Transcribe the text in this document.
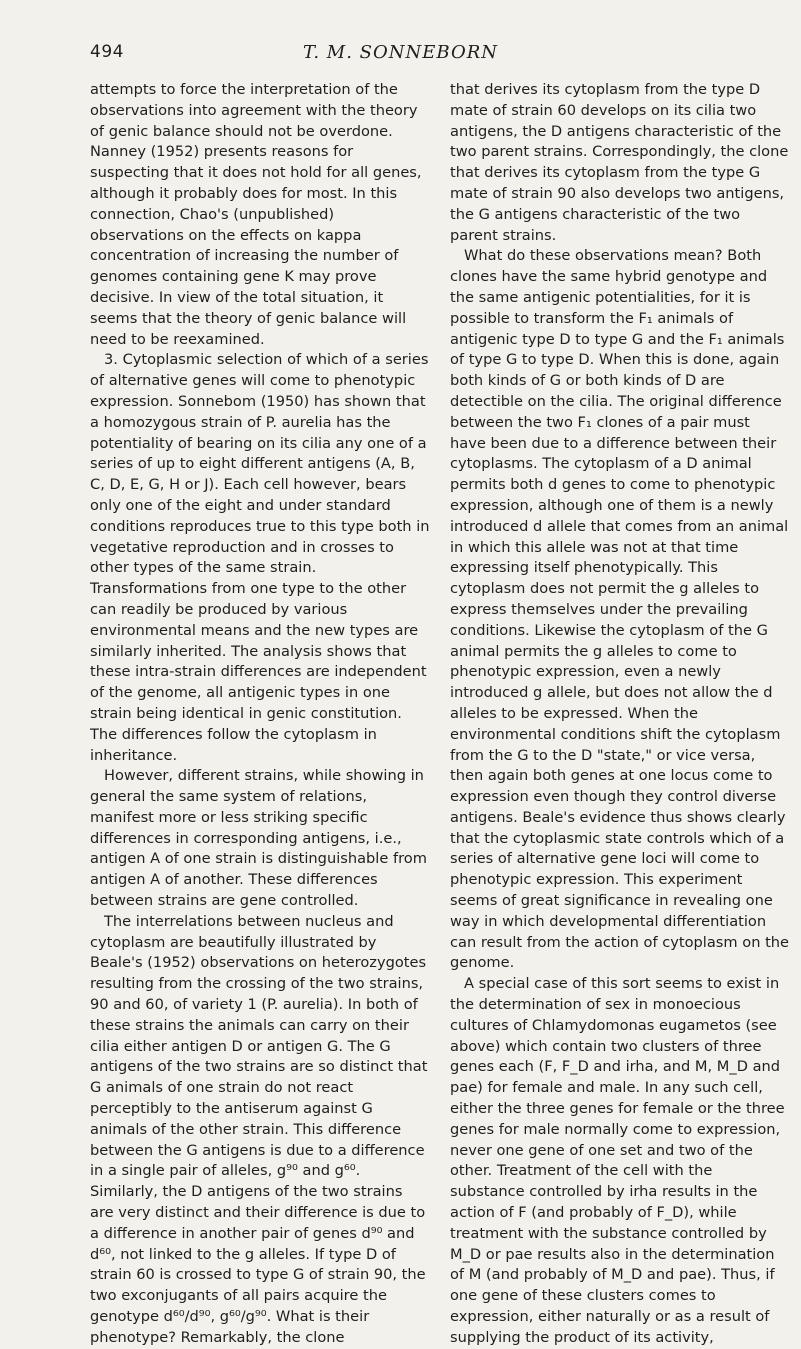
494	T. M. SONNEBORN

attempts to force the interpretation of the observations into agreement with the theory of genic balance should not be overdone. Nanney (1952) presents reasons for suspecting that it does not hold for all genes, although it probably does for most. In this connection, Chao's (unpublished) observations on the effects on kappa concentration of increasing the number of genomes containing gene K may prove decisive. In view of the total situation, it seems that the theory of genic balance will need to be reexamined.

3. Cytoplasmic selection of which of a series of alternative genes will come to phenotypic expression. Sonnebom (1950) has shown that a homozygous strain of P. aurelia has the potentiality of bearing on its cilia any one of a series of up to eight different antigens (A, B, C, D, E, G, H or J). Each cell however, bears only one of the eight and under standard conditions reproduces true to this type both in vegetative reproduction and in crosses to other types of the same strain. Transformations from one type to the other can readily be produced by various environmental means and the new types are similarly inherited. The analysis shows that these intra-strain differences are independent of the genome, all antigenic types in one strain being identical in genic constitution. The differences follow the cytoplasm in inheritance.

However, different strains, while showing in general the same system of relations, manifest more or less striking specific differences in corresponding antigens, i.e., antigen A of one strain is distinguishable from antigen A of another. These differences between strains are gene controlled.

The interrelations between nucleus and cytoplasm are beautifully illustrated by Beale's (1952) observations on heterozygotes resulting from the crossing of the two strains, 90 and 60, of variety 1 (P. aurelia). In both of these strains the animals can carry on their cilia either antigen D or antigen G. The G antigens of the two strains are so distinct that G animals of one strain do not react perceptibly to the antiserum against G animals of the other strain. This difference between the G antigens is due to a difference in a single pair of alleles, g⁹⁰ and g⁶⁰. Similarly, the D antigens of the two strains are very distinct and their difference is due to a difference in another pair of genes d⁹⁰ and d⁶⁰, not linked to the g alleles. If type D of strain 60 is crossed to type G of strain 90, the two exconjugants of all pairs acquire the genotype d⁶⁰/d⁹⁰, g⁶⁰/g⁹⁰. What is their phenotype? Remarkably, the clone

that derives its cytoplasm from the type D mate of strain 60 develops on its cilia two antigens, the D antigens characteristic of the two parent strains. Correspondingly, the clone that derives its cytoplasm from the type G mate of strain 90 also develops two antigens, the G antigens characteristic of the two parent strains.

What do these observations mean? Both clones have the same hybrid genotype and the same antigenic potentialities, for it is possible to transform the F₁ animals of antigenic type D to type G and the F₁ animals of type G to type D. When this is done, again both kinds of G or both kinds of D are detectible on the cilia. The original difference between the two F₁ clones of a pair must have been due to a difference between their cytoplasms. The cytoplasm of a D animal permits both d genes to come to phenotypic expression, although one of them is a newly introduced d allele that comes from an animal in which this allele was not at that time expressing itself phenotypically. This cytoplasm does not permit the g alleles to express themselves under the prevailing conditions. Likewise the cytoplasm of the G animal permits the g alleles to come to phenotypic expression, even a newly introduced g allele, but does not allow the d alleles to be expressed. When the environmental conditions shift the cytoplasm from the G to the D "state," or vice versa, then again both genes at one locus come to expression even though they control diverse antigens. Beale's evidence thus shows clearly that the cytoplasmic state controls which of a series of alternative gene loci will come to phenotypic expression. This experiment seems of great significance in revealing one way in which developmental differentiation can result from the action of cytoplasm on the genome.

A special case of this sort seems to exist in the determination of sex in monoecious cultures of Chlamydomonas eugametos (see above) which contain two clusters of three genes each (F, F_D and irha, and M, M_D and pae) for female and male. In any such cell, either the three genes for female or the three genes for male normally come to expression, never one gene of one set and two of the other. Treatment of the cell with the substance controlled by irha results in the action of F (and probably of F_D), while treatment with the substance controlled by M_D or pae results also in the determination of M (and probably of M_D and pae). Thus, if one gene of these clusters comes to expression, either naturally or as a result of supplying the product of its activity,
